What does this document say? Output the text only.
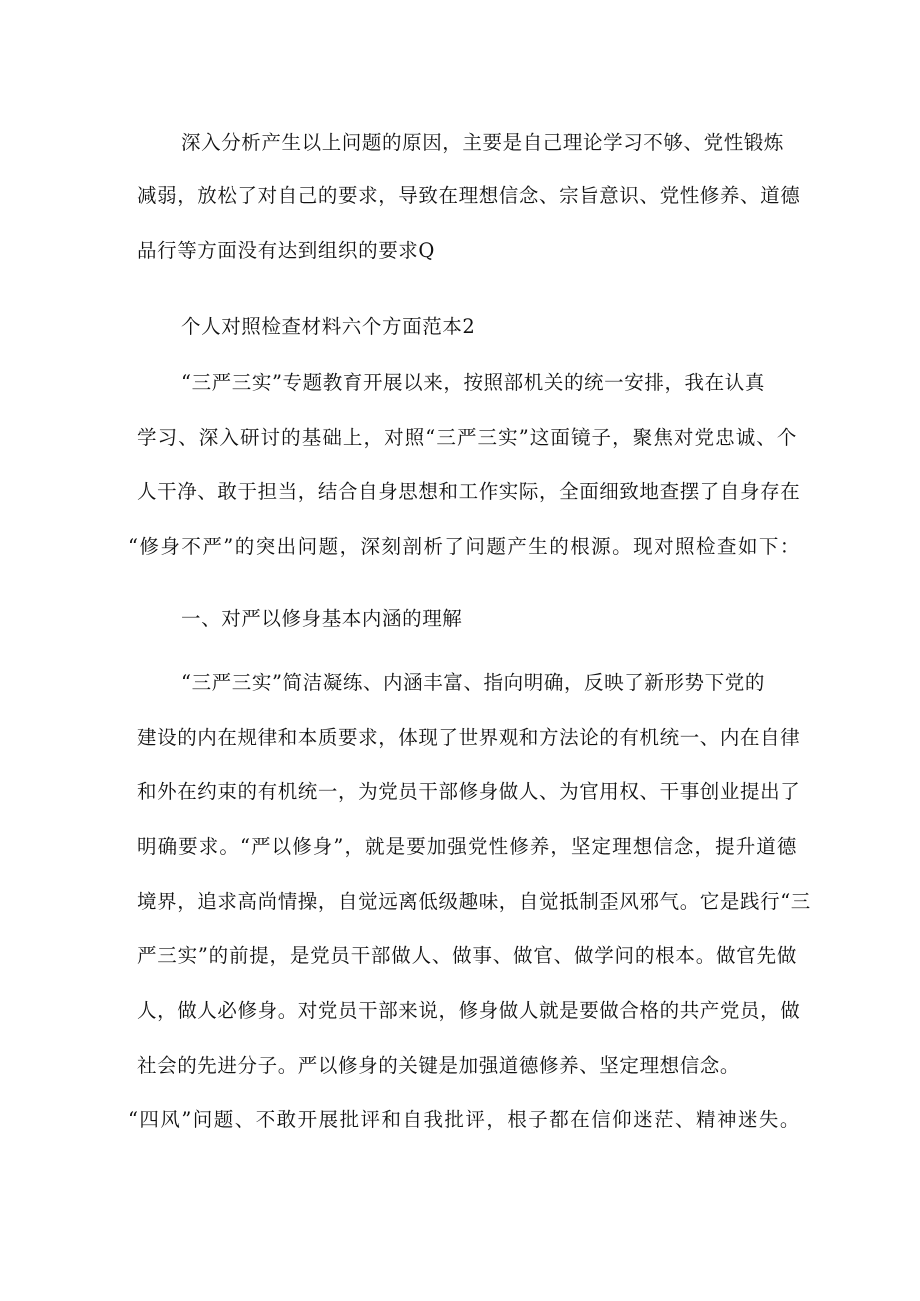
深入分析产生以上问题的原因，主要是自己理论学习不够、党性锻炼
减弱，放松了对自己的要求，导致在理想信念、宗旨意识、党性修养、道德
品行等方面没有达到组织的要求Q
个人对照检查材料六个方面范本2
“三严三实”专题教育开展以来，按照部机关的统一安排，我在认真
学习、深入研讨的基础上，对照“三严三实”这面镜子，聚焦对党忠诚、个
人干净、敢于担当，结合自身思想和工作实际，全面细致地查摆了自身存在
“修身不严”的突出问题，深刻剖析了问题产生的根源。现对照检查如下：
一、对严以修身基本内涵的理解
“三严三实”简洁凝练、内涵丰富、指向明确，反映了新形势下党的
建设的内在规律和本质要求，体现了世界观和方法论的有机统一、内在自律
和外在约束的有机统一，为党员干部修身做人、为官用权、干事创业提出了
明确要求。“严以修身”，就是要加强党性修养，坚定理想信念，提升道德
境界，追求高尚情操，自觉远离低级趣味，自觉抵制歪风邪气。它是践行“三
严三实”的前提，是党员干部做人、做事、做官、做学问的根本。做官先做
人，做人必修身。对党员干部来说，修身做人就是要做合格的共产党员，做
社会的先进分子。严以修身的关键是加强道德修养、坚定理想信念。
“四风”问题、不敢开展批评和自我批评，根子都在信仰迷茫、精神迷失。
